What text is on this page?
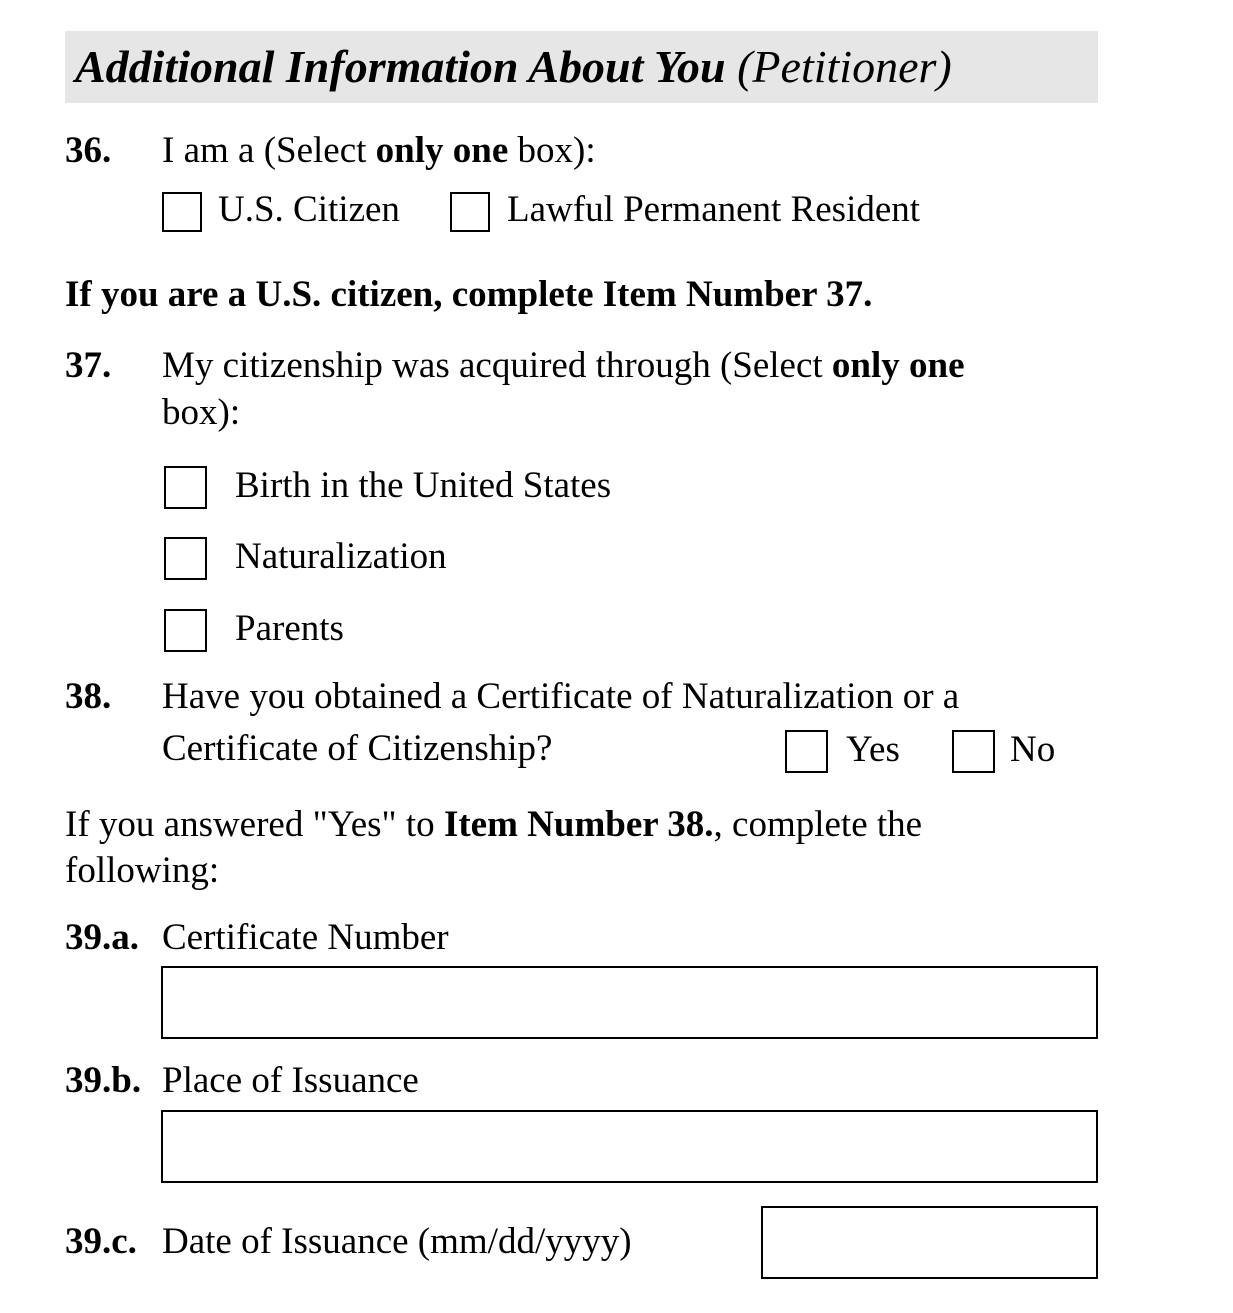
Additional Information About You (Petitioner)
36. I am a (Select only one box):
U.S. Citizen	Lawful Permanent Resident
If you are a U.S. citizen, complete Item Number 37.
37. My citizenship was acquired through (Select only one
box):
Birth in the United States
Naturalization
Parents
38. Have you obtained a Certificate of Naturalization or a
Certificate of Citizenship?	Yes	No
If you answered "Yes" to Item Number 38., complete the
following:
39.a. Certificate Number
39.b. Place of Issuance
39.c. Date of Issuance (mm/dd/yyyy)
